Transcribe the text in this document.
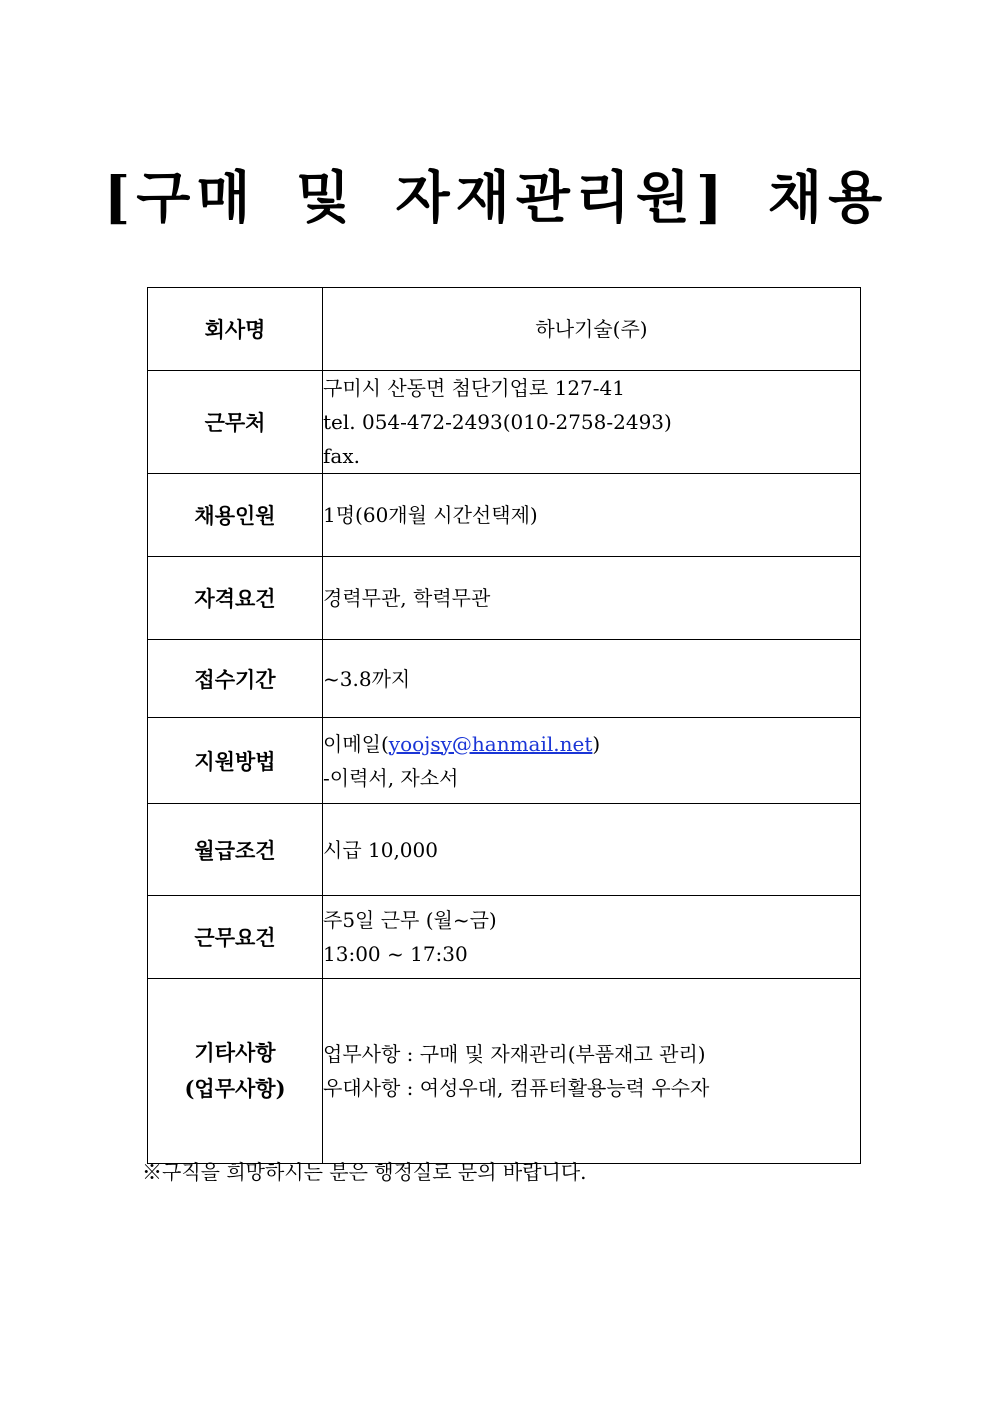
[구매 및 자재관리원] 채용
회사명	하나기술(주)
근무처	구미시 산동면 첨단기업로 127-41
tel. 054-472-2493(010-2758-2493)
fax.

채용인원	1명(60개월 시간선택제)
자격요건	경력무관, 학력무관
접수기간	~3.8까지
지원방법	이메일(yoojsy@hanmail.net)
-이력서, 자소서

월급조건	시급 10,000
근무요건	주5일 근무 (월~금)
13:00 ~ 17:30

기타사항
(업무사항)	업무사항 : 구매 및 자재관리(부품재고 관리)
우대사항 : 여성우대, 컴퓨터활용능력 우수자
※구직을 희망하시는 분은 행정실로 문의 바랍니다.
